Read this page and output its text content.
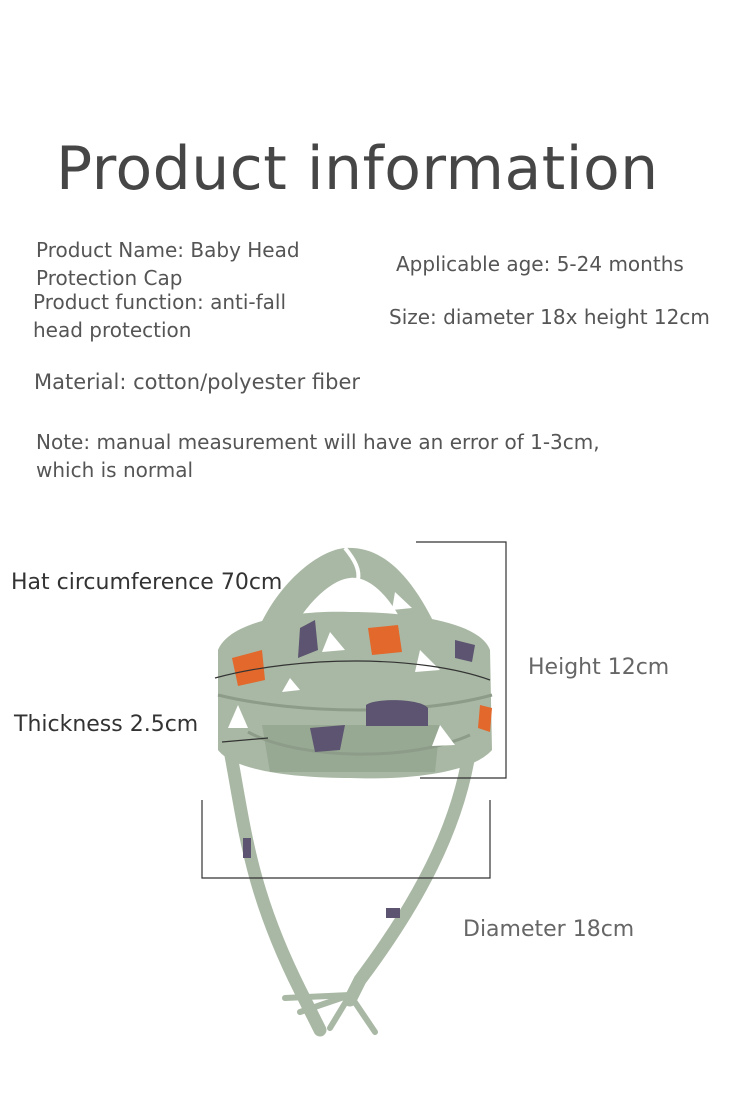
Product information
Product Name: Baby Head Protection Cap
Applicable age: 5-24 months
Product function: anti-fall head protection
Size: diameter 18x height 12cm
Material: cotton/polyester fiber
Note: manual measurement will have an error of 1-3cm, which is normal
Hat circumference 70cm
Thickness 2.5cm
Height 12cm
Diameter 18cm
